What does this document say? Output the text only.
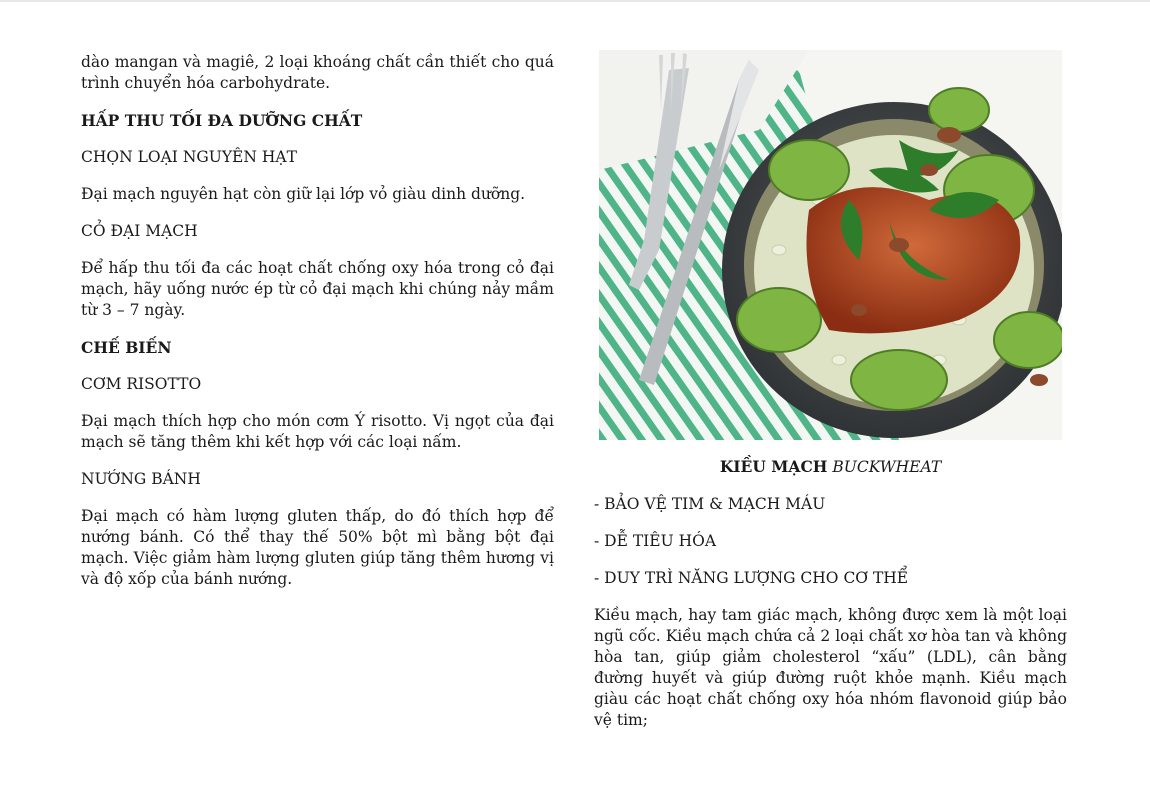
dào mangan và magiê, 2 loại khoáng chất cần thiết cho quá trình chuyển hóa carbohydrate.

HẤP THU TỐI ĐA DƯỠNG CHẤT
CHỌN LOẠI NGUYÊN HẠT

Đại mạch nguyên hạt còn giữ lại lớp vỏ giàu dinh dưỡng.

CỎ ĐẠI MẠCH

Để hấp thu tối đa các hoạt chất chống oxy hóa trong cỏ đại mạch, hãy uống nước ép từ cỏ đại mạch khi chúng nảy mầm từ 3 – 7 ngày.

CHẾ BIẾN
CƠM RISOTTO

Đại mạch thích hợp cho món cơm Ý risotto. Vị ngọt của đại mạch sẽ tăng thêm khi kết hợp với các loại nấm.

NƯỚNG BÁNH

Đại mạch có hàm lượng gluten thấp, do đó thích hợp để nướng bánh. Có thể thay thế 50% bột mì bằng bột đại mạch. Việc giảm hàm lượng gluten giúp tăng thêm hương vị và độ xốp của bánh nướng.

KIỀU MẠCH BUCKWHEAT
- BẢO VỆ TIM & MẠCH MÁU
- DỄ TIÊU HÓA
- DUY TRÌ NĂNG LƯỢNG CHO CƠ THỂ

Kiều mạch, hay tam giác mạch, không được xem là một loại ngũ cốc. Kiều mạch chứa cả 2 loại chất xơ hòa tan và không hòa tan, giúp giảm cholesterol “xấu” (LDL), cân bằng đường huyết và giúp đường ruột khỏe mạnh. Kiều mạch giàu các hoạt chất chống oxy hóa nhóm flavonoid giúp bảo vệ tim;
